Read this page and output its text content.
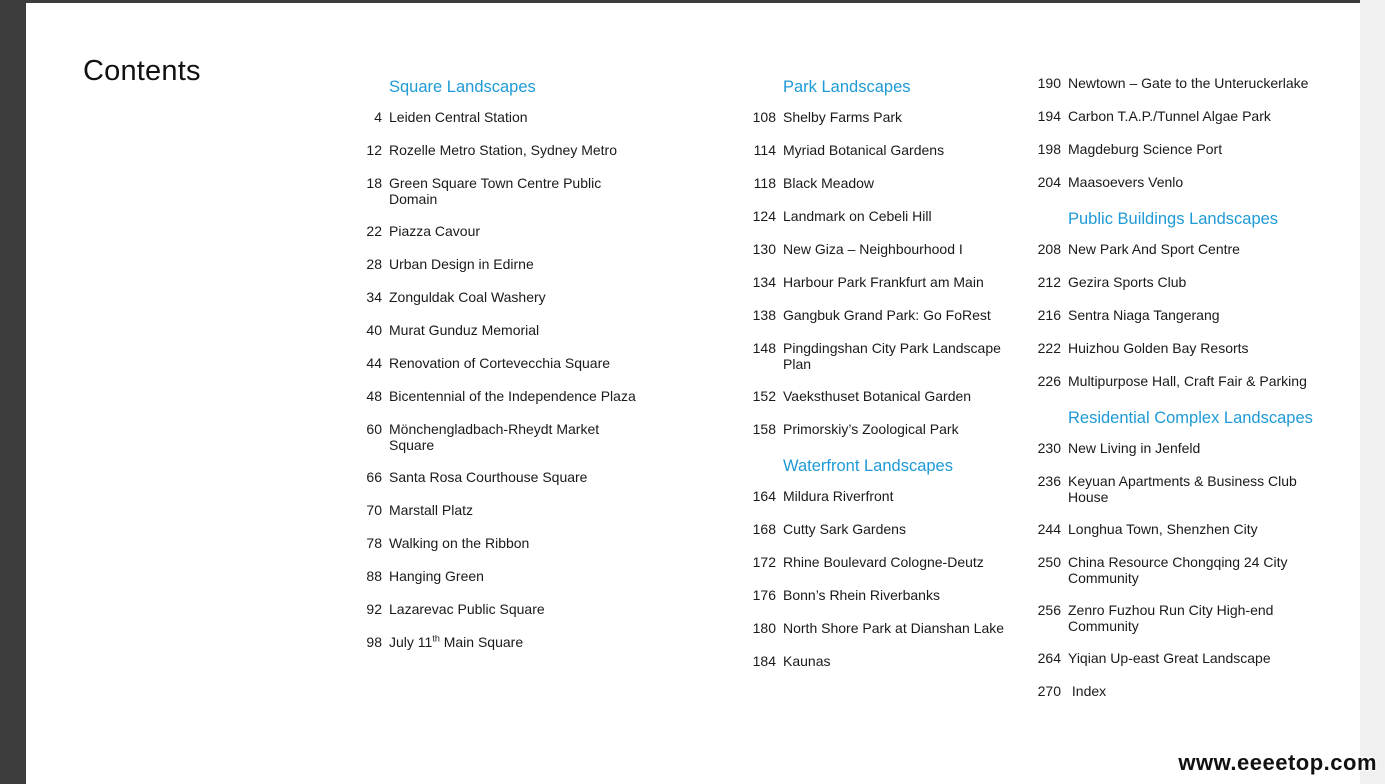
Contents	Square Landscapes
4 Leiden Central Station
12 Rozelle Metro Station, Sydney Metro
18 Green Square Town Centre Public Domain
22 Piazza Cavour
28 Urban Design in Edirne
34 Zonguldak Coal Washery
40 Murat Gunduz Memorial
44 Renovation of Cortevecchia Square
48 Bicentennial of the Independence Plaza
60 Mönchengladbach-Rheydt Market Square
66 Santa Rosa Courthouse Square
70 Marstall Platz
78 Walking on the Ribbon
88 Hanging Green
92 Lazarevac Public Square
98 July 11th Main Square
Park Landscapes
108 Shelby Farms Park
114 Myriad Botanical Gardens
118 Black Meadow
124 Landmark on Cebeli Hill
130 New Giza – Neighbourhood I
134 Harbour Park Frankfurt am Main
138 Gangbuk Grand Park: Go FoRest
148 Pingdingshan City Park Landscape Plan
152 Vaeksthuset Botanical Garden
158 Primorskiy’s Zoological Park
Waterfront Landscapes
164 Mildura Riverfront
168 Cutty Sark Gardens
172 Rhine Boulevard Cologne-Deutz
176 Bonn’s Rhein Riverbanks
180 North Shore Park at Dianshan Lake
184 Kaunas
190 Newtown – Gate to the Unteruckerlake
194 Carbon T.A.P./Tunnel Algae Park
198 Magdeburg Science Port
204 Maasoevers Venlo
Public Buildings Landscapes
208 New Park And Sport Centre
212 Gezira Sports Club
216 Sentra Niaga Tangerang
222 Huizhou Golden Bay Resorts
226 Multipurpose Hall, Craft Fair & Parking
Residential Complex Landscapes
230 New Living in Jenfeld
236 Keyuan Apartments & Business Club House
244 Longhua Town, Shenzhen City
250 China Resource Chongqing 24 City Community
256 Zenro Fuzhou Run City High-end Community
264 Yiqian Up-east Great Landscape
270 Index
www.eeeetop.com
